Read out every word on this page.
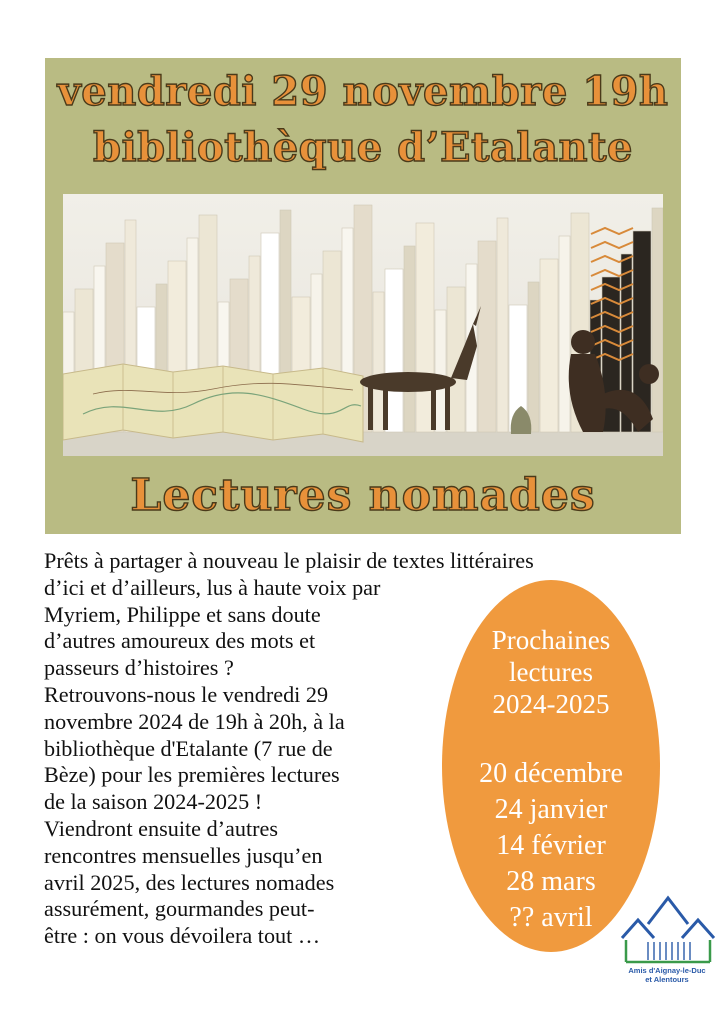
vendredi 29 novembre 19h
bibliothèque d’Etalante
Lectures nomades
Prêts à partager à nouveau le plaisir de textes littéraires
d’ici et d’ailleurs, lus à haute voix par
Myriem, Philippe et sans doute
d’autres amoureux des mots et
passeurs d’histoires ?
Retrouvons-nous le vendredi 29
novembre 2024 de 19h à 20h, à la
bibliothèque d'Etalante (7 rue de
Bèze) pour les premières lectures
de la saison 2024-2025 !
Viendront ensuite d’autres
rencontres mensuelles jusqu’en
avril 2025, des lectures nomades
assurément, gourmandes peut-
être : on vous dévoilera tout …
Prochaines
lectures
2024-2025
20 décembre
24 janvier
14 février
28 mars
?? avril
Amis d'Aignay-le-Duc
et Alentours
